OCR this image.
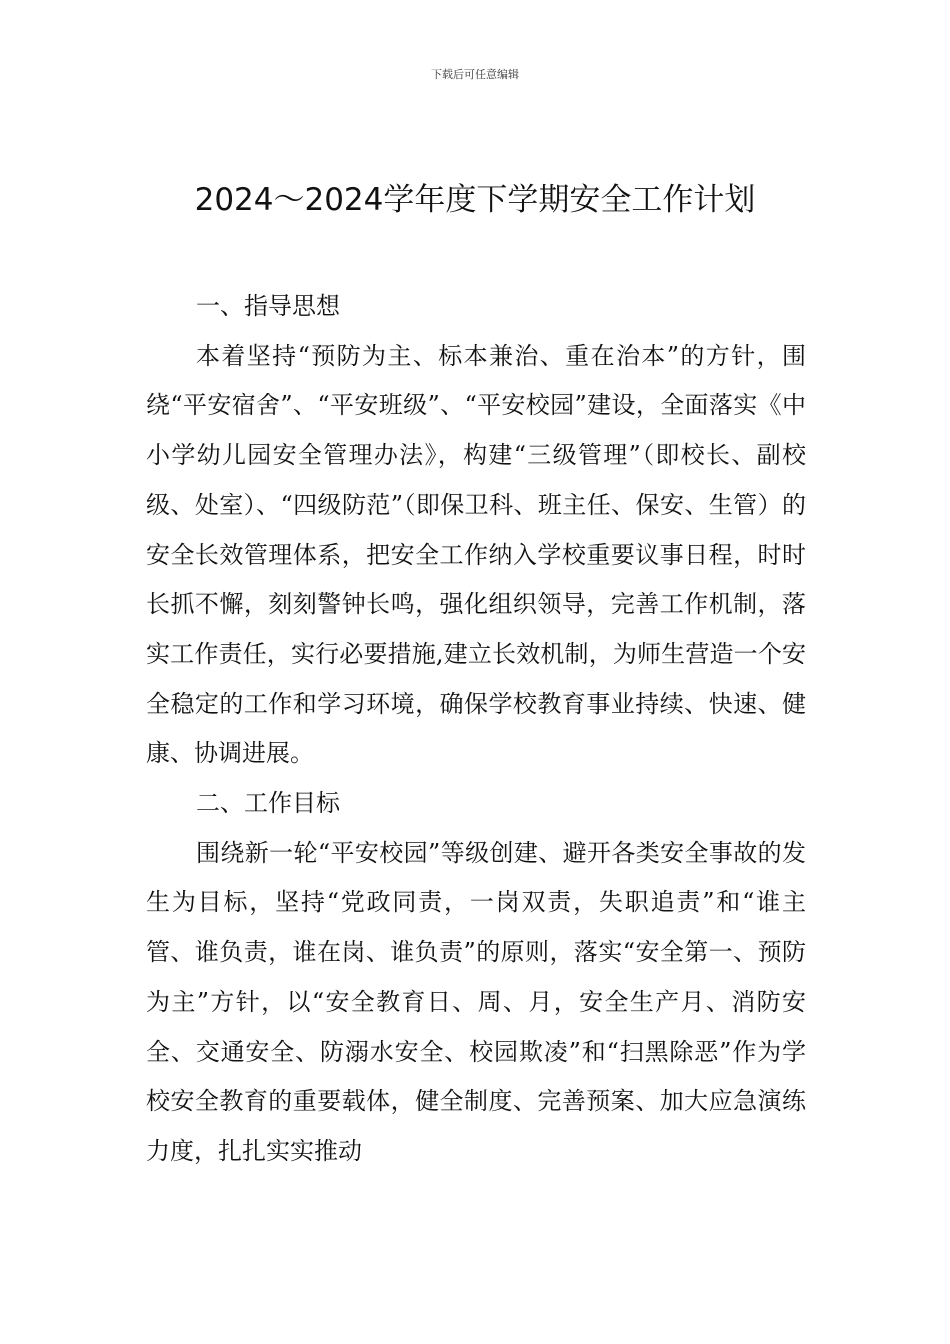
下载后可任意编辑
2024～2024学年度下学期安全工作计划

一、指导思想

本着坚持“预防为主、标本兼治、重在治本”的方针，围绕“平安宿舍”、“平安班级”、“平安校园”建设，全面落实《中小学幼儿园安全管理办法》，构建“三级管理”（即校长、副校级、处室）、“四级防范”（即保卫科、班主任、保安、生管）的安全长效管理体系，把安全工作纳入学校重要议事日程，时时长抓不懈，刻刻警钟长鸣，强化组织领导，完善工作机制，落实工作责任，实行必要措施,建立长效机制，为师生营造一个安全稳定的工作和学习环境，确保学校教育事业持续、快速、健康、协调进展。

二、工作目标

围绕新一轮“平安校园”等级创建、避开各类安全事故的发生为目标，坚持“党政同责，一岗双责，失职追责”和“谁主管、谁负责，谁在岗、谁负责”的原则，落实“安全第一、预防为主”方针，以“安全教育日、周、月，安全生产月、消防安全、交通安全、防溺水安全、校园欺凌”和“扫黑除恶”作为学校安全教育的重要载体，健全制度、完善预案、加大应急演练力度，扎扎实实推动
